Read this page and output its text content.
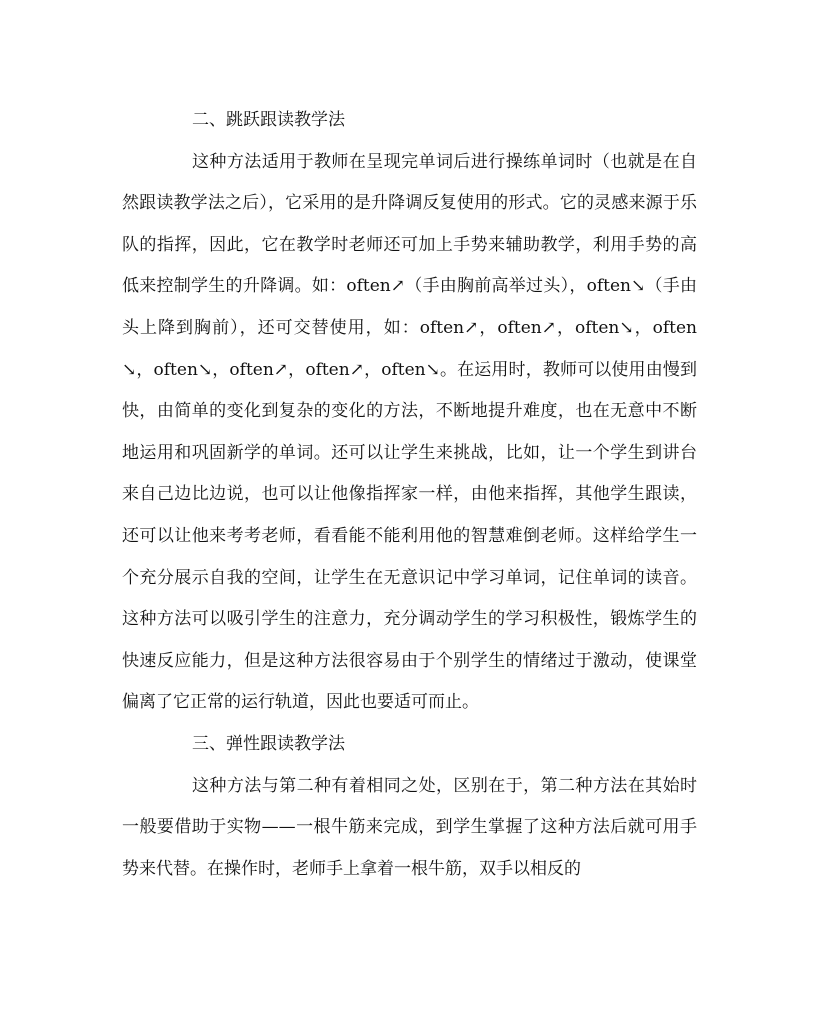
二、跳跃跟读教学法

这种方法适用于教师在呈现完单词后进行操练单词时（也就是在自然跟读教学法之后），它采用的是升降调反复使用的形式。它的灵感来源于乐队的指挥，因此，它在教学时老师还可加上手势来辅助教学，利用手势的高低来控制学生的升降调。如：often↗（手由胸前高举过头），often↘（手由头上降到胸前），还可交替使用，如：often↗，often↗，often↘，often↘，often↘，often↗，often↗，often↘。在运用时，教师可以使用由慢到快，由简单的变化到复杂的变化的方法，不断地提升难度，也在无意中不断地运用和巩固新学的单词。还可以让学生来挑战，比如，让一个学生到讲台来自己边比边说，也可以让他像指挥家一样，由他来指挥，其他学生跟读，还可以让他来考考老师，看看能不能利用他的智慧难倒老师。这样给学生一个充分展示自我的空间，让学生在无意识记中学习单词，记住单词的读音。这种方法可以吸引学生的注意力，充分调动学生的学习积极性，锻炼学生的快速反应能力，但是这种方法很容易由于个别学生的情绪过于激动，使课堂偏离了它正常的运行轨道，因此也要适可而止。

三、弹性跟读教学法

这种方法与第二种有着相同之处，区别在于，第二种方法在其始时一般要借助于实物——一根牛筋来完成，到学生掌握了这种方法后就可用手势来代替。在操作时，老师手上拿着一根牛筋，双手以相反的
